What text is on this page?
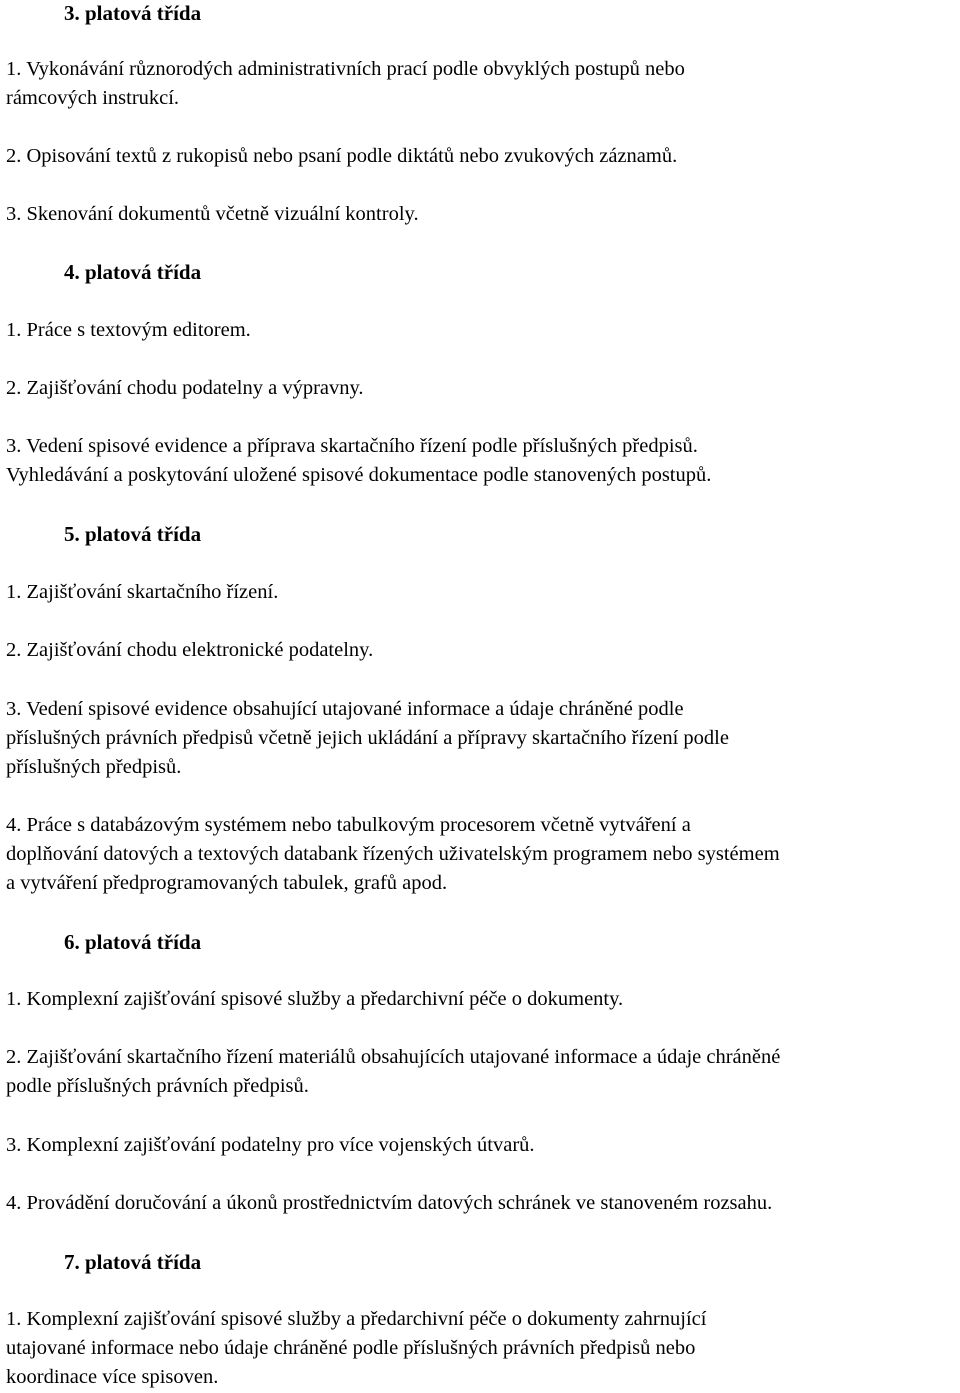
3. platová třída
1. Vykonávání různorodých administrativních prací podle obvyklých postupů nebo
rámcových instrukcí.
2. Opisování textů z rukopisů nebo psaní podle diktátů nebo zvukových záznamů.
3. Skenování dokumentů včetně vizuální kontroly.
4. platová třída
1. Práce s textovým editorem.
2. Zajišťování chodu podatelny a výpravny.
3. Vedení spisové evidence a příprava skartačního řízení podle příslušných předpisů.
Vyhledávání a poskytování uložené spisové dokumentace podle stanovených postupů.
5. platová třída
1. Zajišťování skartačního řízení.
2. Zajišťování chodu elektronické podatelny.
3. Vedení spisové evidence obsahující utajované informace a údaje chráněné podle
příslušných právních předpisů včetně jejich ukládání a přípravy skartačního řízení podle
příslušných předpisů.
4. Práce s databázovým systémem nebo tabulkovým procesorem včetně vytváření a
doplňování datových a textových databank řízených uživatelským programem nebo systémem
a vytváření předprogramovaných tabulek, grafů apod.
6. platová třída
1. Komplexní zajišťování spisové služby a předarchivní péče o dokumenty.
2. Zajišťování skartačního řízení materiálů obsahujících utajované informace a údaje chráněné
podle příslušných právních předpisů.
3. Komplexní zajišťování podatelny pro více vojenských útvarů.
4. Provádění doručování a úkonů prostřednictvím datových schránek ve stanoveném rozsahu.
7. platová třída
1. Komplexní zajišťování spisové služby a předarchivní péče o dokumenty zahrnující
utajované informace nebo údaje chráněné podle příslušných právních předpisů nebo
koordinace více spisoven.
